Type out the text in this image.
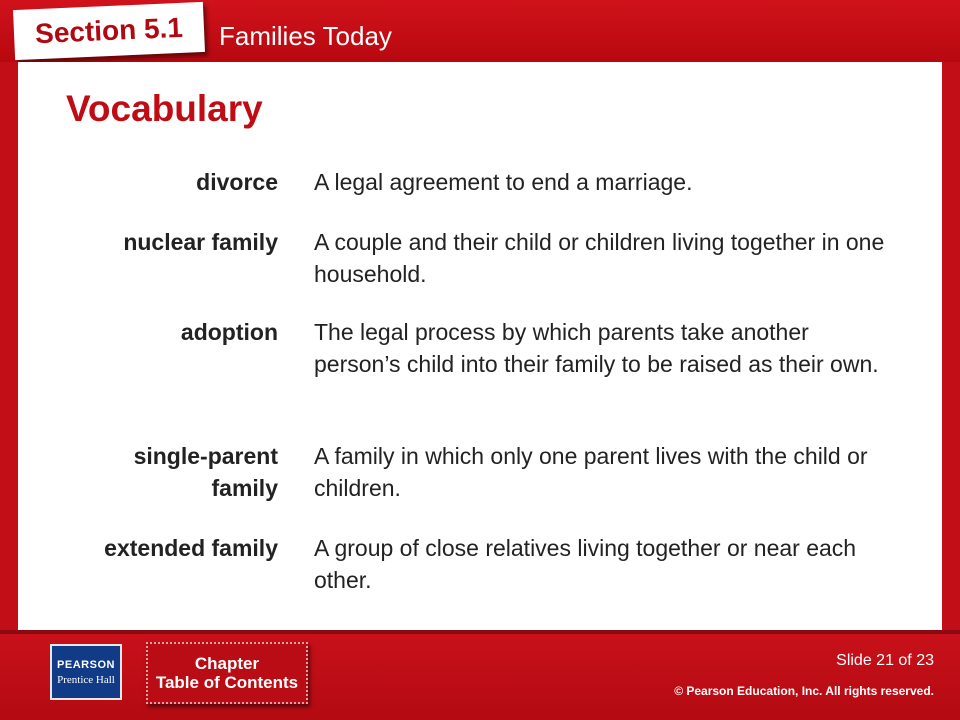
Section 5.1 Families Today
Vocabulary
divorce A legal agreement to end a marriage.
nuclear family A couple and their child or children living together in one household.
adoption The legal process by which parents take another person’s child into their family to be raised as their own.
single-parent family
A family in which only one parent lives with the child or children.
extended family A group of close relatives living together or near each other.
PEARSON
Prentice Hall
Chapter
Table of Contents
Slide 21 of 23
© Pearson Education, Inc. All rights reserved.
